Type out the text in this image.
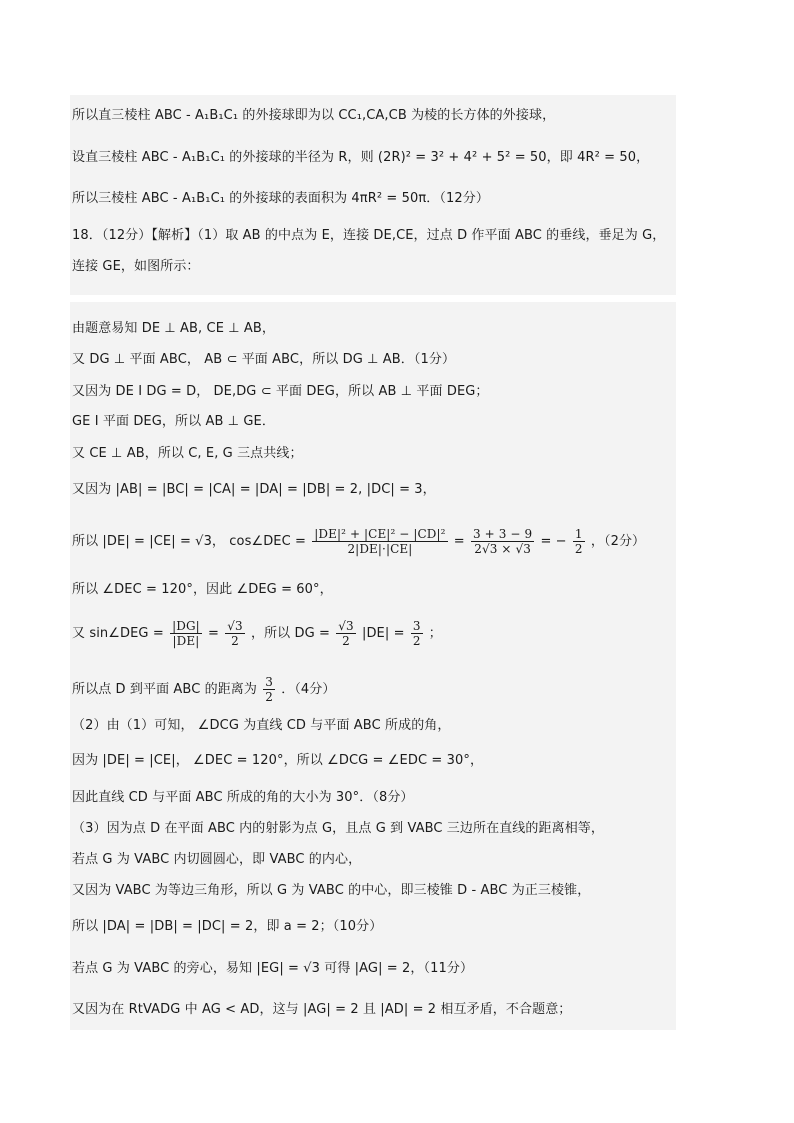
所以直三棱柱 ABC - A₁B₁C₁ 的外接球即为以 CC₁,CA,CB 为棱的长方体的外接球，
设直三棱柱 ABC - A₁B₁C₁ 的外接球的半径为 R，则 (2R)² = 3² + 4² + 5² = 50，即 4R² = 50，
所以三棱柱 ABC - A₁B₁C₁ 的外接球的表面积为 4πR² = 50π．（12分）
18．（12分）【解析】（1）取 AB 的中点为 E，连接 DE,CE，过点 D 作平面 ABC 的垂线，垂足为 G，
连接 GE，如图所示：
由题意易知 DE ⊥ AB, CE ⊥ AB，
又 DG ⊥ 平面 ABC， AB ⊂ 平面 ABC，所以 DG ⊥ AB．（1分）
又因为 DE I DG = D， DE,DG ⊂ 平面 DEG，所以 AB ⊥ 平面 DEG；
GE I 平面 DEG，所以 AB ⊥ GE．
又 CE ⊥ AB，所以 C, E, G 三点共线；
又因为 |AB| = |BC| = |CA| = |DA| = |DB| = 2, |DC| = 3，
所以 |DE| = |CE| = √3， cos∠DEC = $\frac{\text{|DE|² + |CE|² − |CD|²}}{2|DE|\cdot|CE|} = \frac{3 + 3 - 9}{2√3 \times √3}$ = − $\frac{1}{2}$ ，（2分）
所以 ∠DEC = 120°，因此 ∠DEG = 60°，
又 sin∠DEG = $\frac{|DG|}{|DE|} = \frac{√3}{2}$ ，所以 DG = $\frac{√3}{2} |DE| = \frac{3}{2}$ ；
所以点 D 到平面 ABC 的距离为 $\frac{3}{2}$ ．（4分）
（2）由（1）可知， ∠DCG 为直线 CD 与平面 ABC 所成的角，
因为 |DE| = |CE|， ∠DEC = 120°，所以 ∠DCG = ∠EDC = 30°，
因此直线 CD 与平面 ABC 所成的角的大小为 30°．（8分）
（3）因为点 D 在平面 ABC 内的射影为点 G，且点 G 到 VABC 三边所在直线的距离相等，
若点 G 为 VABC 内切圆圆心，即 VABC 的内心，
又因为 VABC 为等边三角形，所以 G 为 VABC 的中心，即三棱锥 D - ABC 为正三棱锥，
所以 |DA| = |DB| = |DC| = 2，即 a = 2；（10分）
若点 G 为 VABC 的旁心，易知 |EG| = √3 可得 |AG| = 2，（11分）
又因为在 RtVADG 中 AG < AD，这与 |AG| = 2 且 |AD| = 2 相互矛盾，不合题意；
